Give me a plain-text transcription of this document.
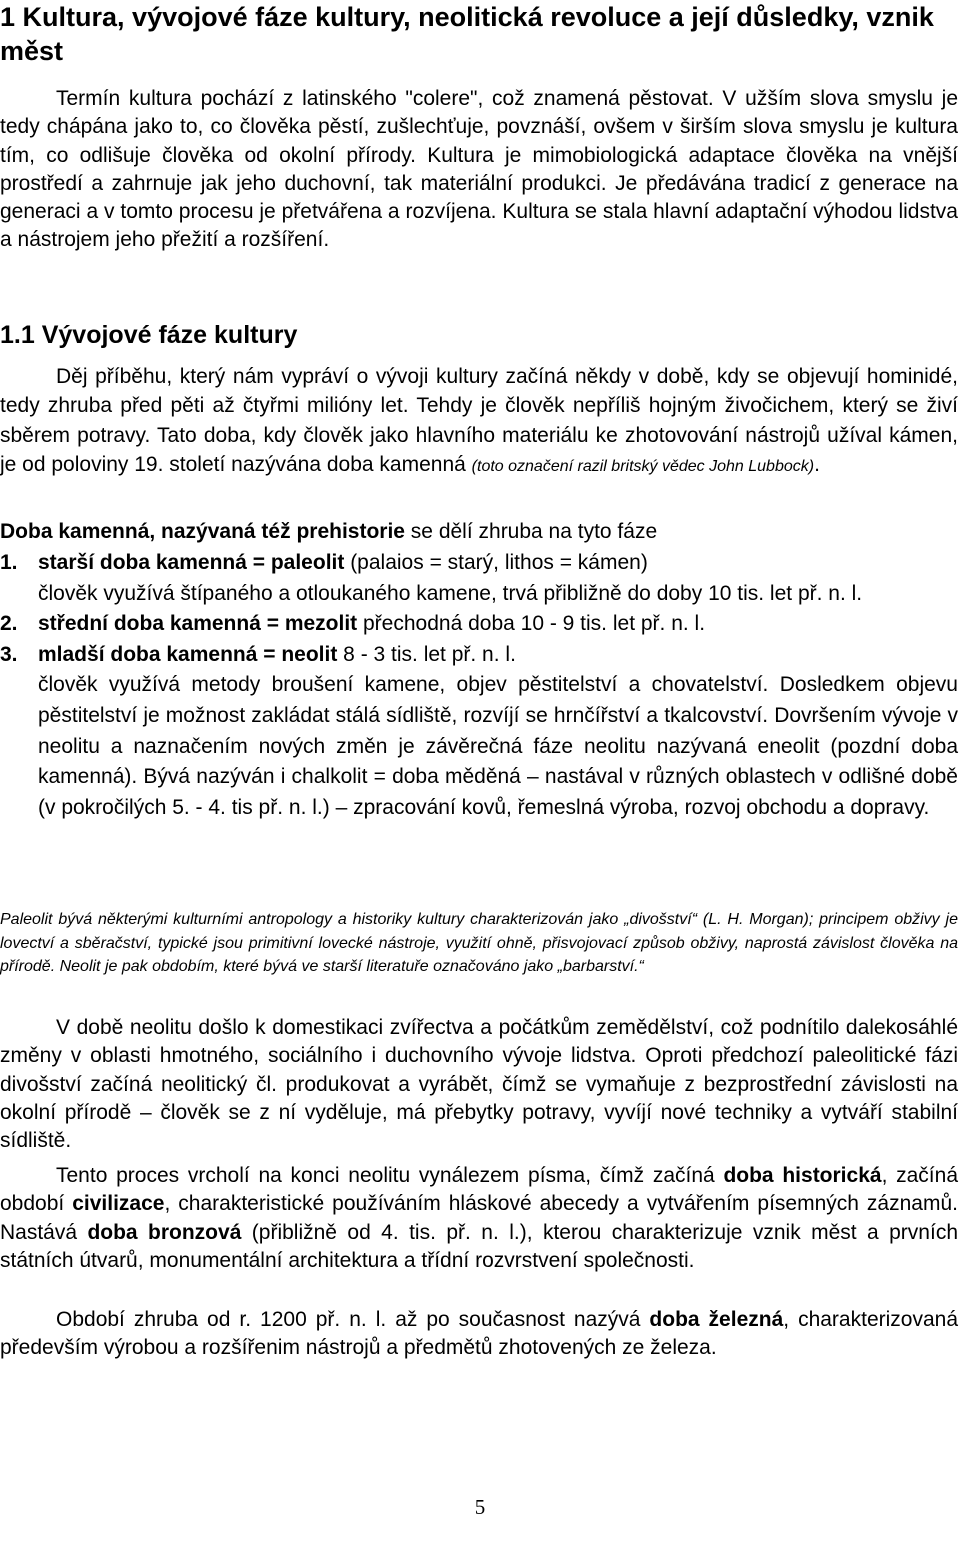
1 Kultura, vývojové fáze kultury, neolitická revoluce a její důsledky, vznik měst

Termín kultura pochází z latinského "colere", což znamená pěstovat. V užším slova smyslu je tedy chápána jako to, co člověka pěstí, zušlechťuje, povznáší, ovšem v širším slova smyslu je kultura tím, co odlišuje člověka od okolní přírody. Kultura je mimobiologická adaptace člověka na vnější prostředí a zahrnuje jak jeho duchovní, tak materiální produkci. Je předávána tradicí z generace na generaci a v tomto procesu je přetvářena a rozvíjena. Kultura se stala hlavní adaptační výhodou lidstva a nástrojem jeho přežití a rozšíření.

1.1 Vývojové fáze kultury

Děj příběhu, který nám vypráví o vývoji kultury začíná někdy v době, kdy se objevují hominidé, tedy zhruba před pěti až čtyřmi milióny let. Tehdy je člověk nepříliš hojným živočichem, který se živí sběrem potravy. Tato doba, kdy člověk jako hlavního materiálu ke zhotovování nástrojů užíval kámen, je od poloviny 19. století nazývána doba kamenná (toto označení razil britský vědec John Lubbock).

Doba kamenná, nazývaná též prehistorie se dělí zhruba na tyto fáze

1. starší doba kamenná = paleolit (palaios = starý, lithos = kámen)
člověk využívá štípaného a otloukaného kamene, trvá přibližně do doby 10 tis. let př. n. l.
2. střední doba kamenná = mezolit přechodná doba 10 - 9 tis. let př. n. l.
3. mladší doba kamenná = neolit 8 - 3 tis. let př. n. l.
člověk využívá metody broušení kamene, objev pěstitelství a chovatelství. Dosledkem objevu pěstitelství je možnost zakládat stálá sídliště, rozvíjí se hrnčířství a tkalcovství. Dovršením vývoje v neolitu a naznačením nových změn je závěrečná fáze neolitu nazývaná eneolit (pozdní doba kamenná). Bývá nazýván i chalkolit = doba měděná – nastával v různých oblastech v odlišné době (v pokročilých 5. - 4. tis př. n. l.) – zpracování kovů, řemeslná výroba, rozvoj obchodu a dopravy.

Paleolit bývá některými kulturními antropology a historiky kultury charakterizován jako „divošství“ (L. H. Morgan); principem obživy je lovectví a sběračství, typické jsou primitivní lovecké nástroje, využití ohně, přisvojovací způsob obživy, naprostá závislost člověka na přírodě. Neolit je pak obdobím, které bývá ve starší literatuře označováno jako „barbarství.“

V době neolitu došlo k domestikaci zvířectva a počátkům zemědělství, což podnítilo dalekosáhlé změny v oblasti hmotného, sociálního i duchovního vývoje lidstva. Oproti předchozí paleolitické fázi divošství začíná neolitický čl. produkovat a vyrábět, čímž se vymaňuje z bezprostřední závislosti na okolní přírodě – člověk se z ní vyděluje, má přebytky potravy, vyvíjí nové techniky a vytváří stabilní sídliště.

Tento proces vrcholí na konci neolitu vynálezem písma, čímž začíná doba historická, začíná období civilizace, charakteristické používáním hláskové abecedy a vytvářením písemných záznamů. Nastává doba bronzová (přibližně od 4. tis. př. n. l.), kterou charakterizuje vznik měst a prvních státních útvarů, monumentální architektura a třídní rozvrstvení společnosti.

Období zhruba od r. 1200 př. n. l. až po současnost nazývá doba železná, charakterizovaná především výrobou a rozšířenim nástrojů a předmětů zhotovených ze železa.

5
